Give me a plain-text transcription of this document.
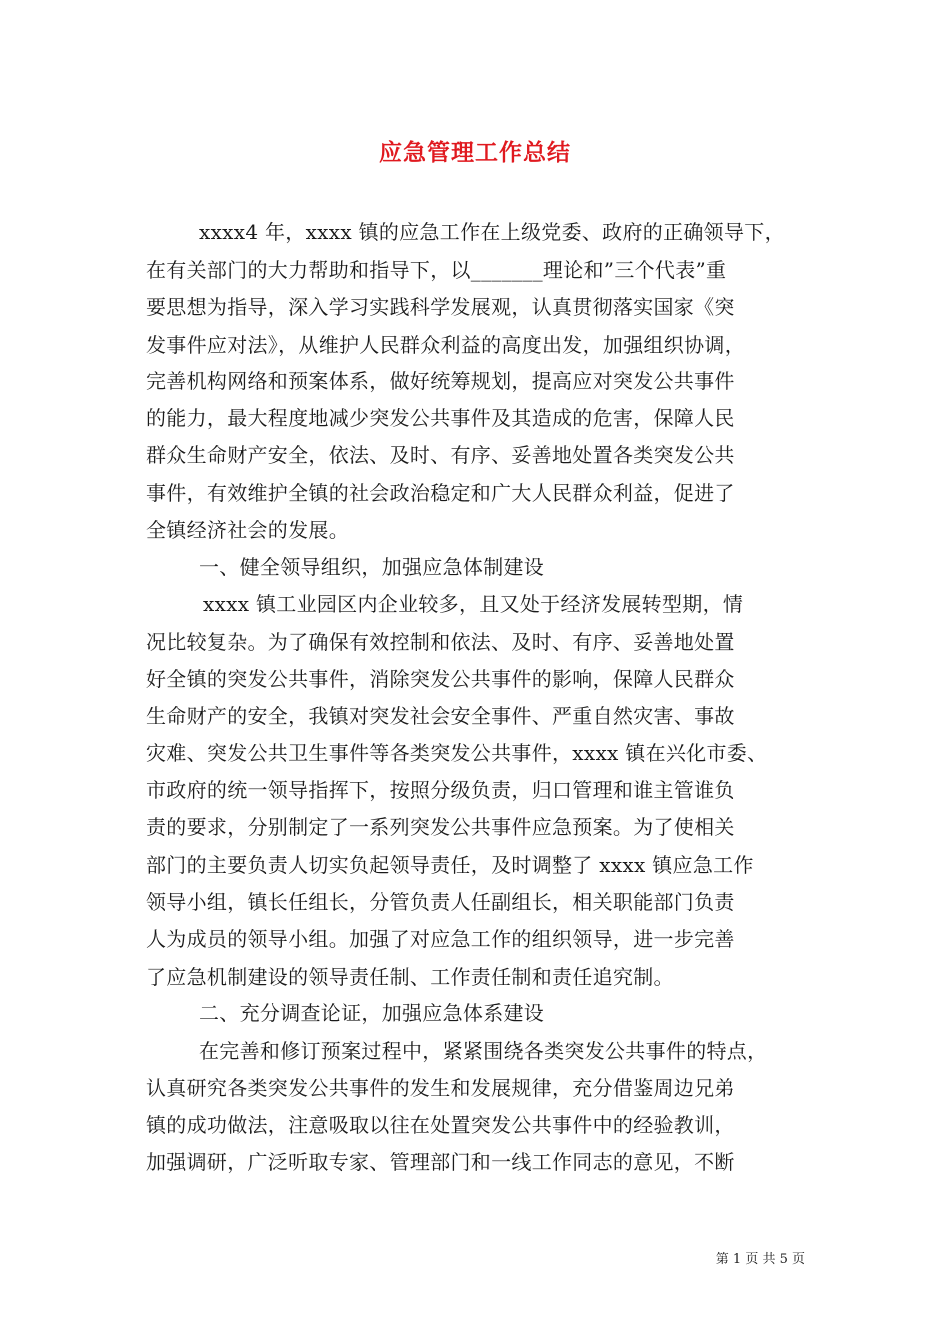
应急管理工作总结
xxxx4 年，xxxx 镇的应急工作在上级党委、政府的正确领导下，
在有关部门的大力帮助和指导下，以_______理论和”三个代表”重
要思想为指导，深入学习实践科学发展观，认真贯彻落实国家《突
发事件应对法》，从维护人民群众利益的高度出发，加强组织协调，
完善机构网络和预案体系，做好统筹规划，提高应对突发公共事件
的能力，最大程度地减少突发公共事件及其造成的危害，保障人民
群众生命财产安全，依法、及时、有序、妥善地处置各类突发公共
事件，有效维护全镇的社会政治稳定和广大人民群众利益，促进了
全镇经济社会的发展。
一、健全领导组织，加强应急体制建设
xxxx 镇工业园区内企业较多，且又处于经济发展转型期，情
况比较复杂。为了确保有效控制和依法、及时、有序、妥善地处置
好全镇的突发公共事件，消除突发公共事件的影响，保障人民群众
生命财产的安全，我镇对突发社会安全事件、严重自然灾害、事故
灾难、突发公共卫生事件等各类突发公共事件，xxxx 镇在兴化市委、
市政府的统一领导指挥下，按照分级负责，归口管理和谁主管谁负
责的要求，分别制定了一系列突发公共事件应急预案。为了使相关
部门的主要负责人切实负起领导责任，及时调整了 xxxx 镇应急工作
领导小组，镇长任组长，分管负责人任副组长，相关职能部门负责
人为成员的领导小组。加强了对应急工作的组织领导，进一步完善
了应急机制建设的领导责任制、工作责任制和责任追究制。
二、充分调查论证，加强应急体系建设
在完善和修订预案过程中，紧紧围绕各类突发公共事件的特点，
认真研究各类突发公共事件的发生和发展规律，充分借鉴周边兄弟
镇的成功做法，注意吸取以往在处置突发公共事件中的经验教训，
加强调研，广泛听取专家、管理部门和一线工作同志的意见，不断
第 1 页 共 5 页
